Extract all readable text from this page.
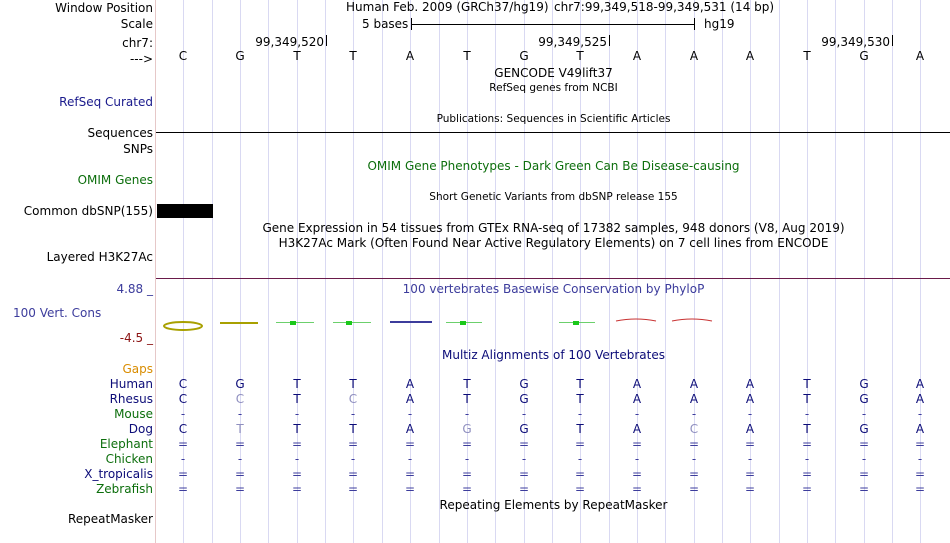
Window Position	Human Feb. 2009 (GRCh37/hg19) chr7:99,349,518-99,349,531 (14 bp)
Scale	5 bases	hg19
chr7:	99,349,520	99,349,525	99,349,530
--->	C	G	T	T	A	T	G	T	A	A	A	T	G	A
GENCODE V49lift37
RefSeq genes from NCBI
RefSeq Curated
Publications: Sequences in Scientific Articles
Sequences
SNPs
OMIM Gene Phenotypes - Dark Green Can Be Disease-causing
OMIM Genes
Short Genetic Variants from dbSNP release 155
Common dbSNP(155)
Gene Expression in 54 tissues from GTEx RNA-seq of 17382 samples, 948 donors (V8, Aug 2019)
H3K27Ac Mark (Often Found Near Active Regulatory Elements) on 7 cell lines from ENCODE
Layered H3K27Ac
4.88 _	100 vertebrates Basewise Conservation by PhyloP
100 Vert. Cons
-4.5 _
Multiz Alignments of 100 Vertebrates
Gaps
Human	C	G	T	T	A	T	G	T	A	A	A	T	G	A
Rhesus	C	C	T	C	A	T	G	T	A	A	A	T	G	A
Mouse	-	-	-	-	-	-	-	-	-	-	-	-	-	-
Dog	C	T	T	T	A	G	G	T	A	C	A	T	G	A
Elephant	=	=	=	=	=	=	=	=	=	=	=	=	=	=
Chicken	-	-	-	-	-	-	-	-	-	-	-	-	-	-
X_tropicalis	=	=	=	=	=	=	=	=	=	=	=	=	=	=
Zebrafish	=	=	=	=	=	=	=	=	=	=	=	=	=	=
Repeating Elements by RepeatMasker
RepeatMasker
